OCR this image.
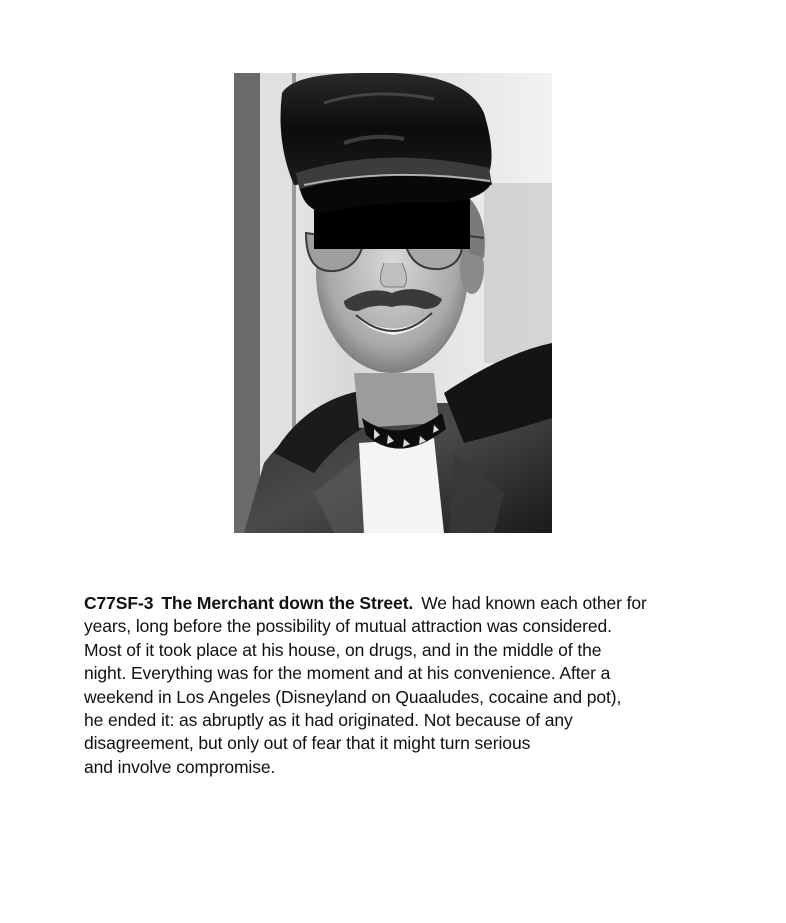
C77SF-3 The Merchant down the Street. We had known each other for
years, long before the possibility of mutual attraction was considered.
Most of it took place at his house, on drugs, and in the middle of the
night. Everything was for the moment and at his convenience. After a
weekend in Los Angeles (Disneyland on Quaaludes, cocaine and pot),
he ended it: as abruptly as it had originated. Not because of any
disagreement, but only out of fear that it might turn serious
and involve compromise.
